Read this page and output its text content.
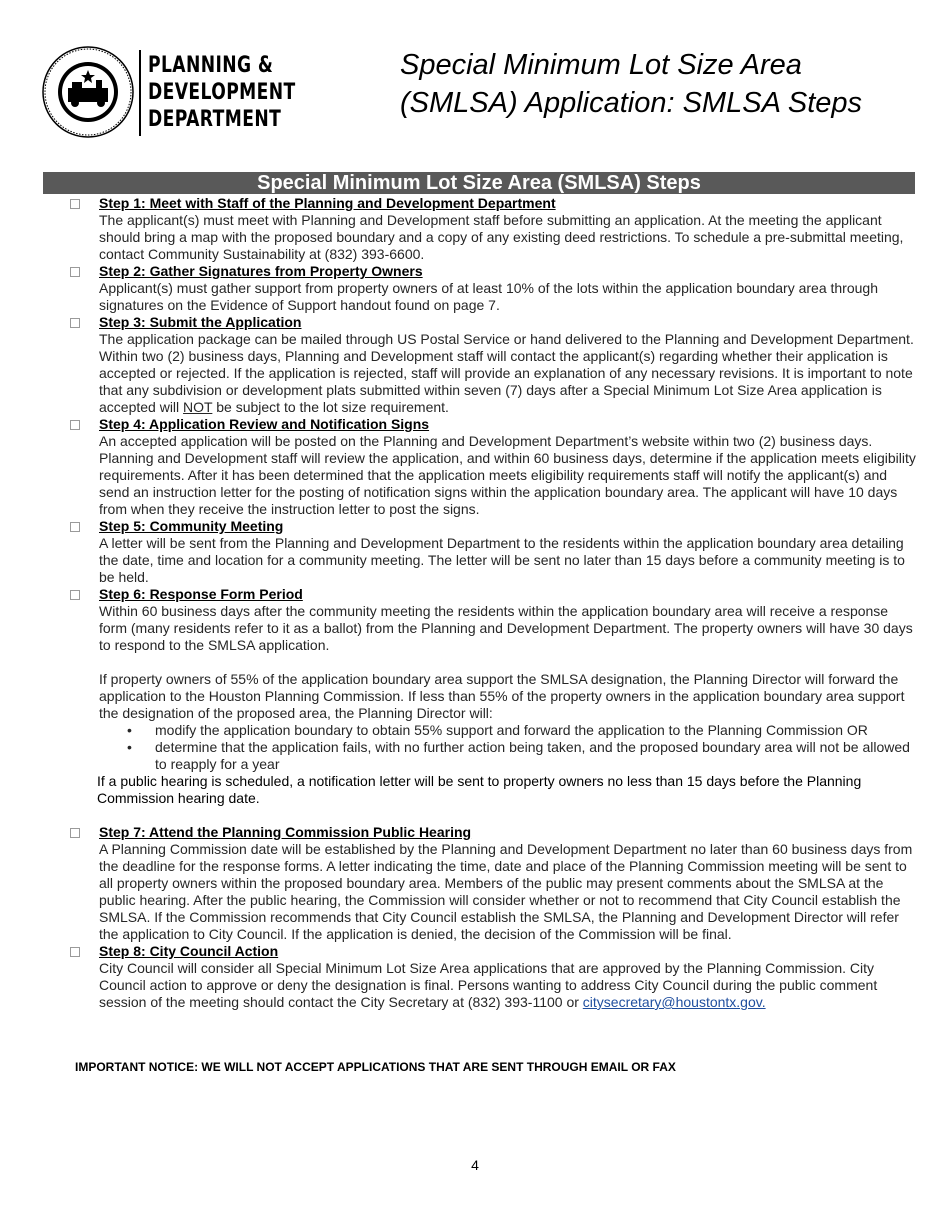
PLANNING &
DEVELOPMENT
DEPARTMENT
Special Minimum Lot Size Area
(SMLSA) Application: SMLSA Steps
Special Minimum Lot Size Area (SMLSA) Steps
Step 1: Meet with Staff of the Planning and Development Department
The applicant(s) must meet with Planning and Development staff before submitting an application. At the meeting the applicant should bring a map with the proposed boundary and a copy of any existing deed restrictions. To schedule a pre-submittal meeting, contact Community Sustainability at (832) 393-6600.
Step 2: Gather Signatures from Property Owners
Applicant(s) must gather support from property owners of at least 10% of the lots within the application boundary area through signatures on the Evidence of Support handout found on page 7.
Step 3: Submit the Application
The application package can be mailed through US Postal Service or hand delivered to the Planning and Development Department. Within two (2) business days, Planning and Development staff will contact the applicant(s) regarding whether their application is accepted or rejected. If the application is rejected, staff will provide an explanation of any necessary revisions. It is important to note that any subdivision or development plats submitted within seven (7) days after a Special Minimum Lot Size Area application is accepted will NOT be subject to the lot size requirement.
Step 4: Application Review and Notification Signs
An accepted application will be posted on the Planning and Development Department’s website within two (2) business days. Planning and Development staff will review the application, and within 60 business days, determine if the application meets eligibility requirements. After it has been determined that the application meets eligibility requirements staff will notify the applicant(s) and send an instruction letter for the posting of notification signs within the application boundary area. The applicant will have 10 days from when they receive the instruction letter to post the signs.
Step 5: Community Meeting
A letter will be sent from the Planning and Development Department to the residents within the application boundary area detailing the date, time and location for a community meeting. The letter will be sent no later than 15 days before a community meeting is to be held.
Step 6: Response Form Period

Within 60 business days after the community meeting the residents within the application boundary area will receive a response form (many residents refer to it as a ballot) from the Planning and Development Department. The property owners will have 30 days to respond to the SMLSA application.

If property owners of 55% of the application boundary area support the SMLSA designation, the Planning Director will forward the application to the Houston Planning Commission. If less than 55% of the property owners in the application boundary area support the designation of the proposed area, the Planning Director will:

• modify the application boundary to obtain 55% support and forward the application to the Planning Commission OR
• determine that the application fails, with no further action being taken, and the proposed boundary area will not be allowed to reapply for a year
If a public hearing is scheduled, a notification letter will be sent to property owners no less than 15 days before the Planning Commission hearing date.
Step 7: Attend the Planning Commission Public Hearing
A Planning Commission date will be established by the Planning and Development Department no later than 60 business days from the deadline for the response forms. A letter indicating the time, date and place of the Planning Commission meeting will be sent to all property owners within the proposed boundary area. Members of the public may present comments about the SMLSA at the public hearing. After the public hearing, the Commission will consider whether or not to recommend that City Council establish the SMLSA. If the Commission recommends that City Council establish the SMLSA, the Planning and Development Director will refer the application to City Council. If the application is denied, the decision of the Commission will be final.
Step 8: City Council Action
City Council will consider all Special Minimum Lot Size Area applications that are approved by the Planning Commission. City Council action to approve or deny the designation is final. Persons wanting to address City Council during the public comment session of the meeting should contact the City Secretary at (832) 393-1100 or citysecretary@houstontx.gov.
IMPORTANT NOTICE: WE WILL NOT ACCEPT APPLICATIONS THAT ARE SENT THROUGH EMAIL OR FAX
4
